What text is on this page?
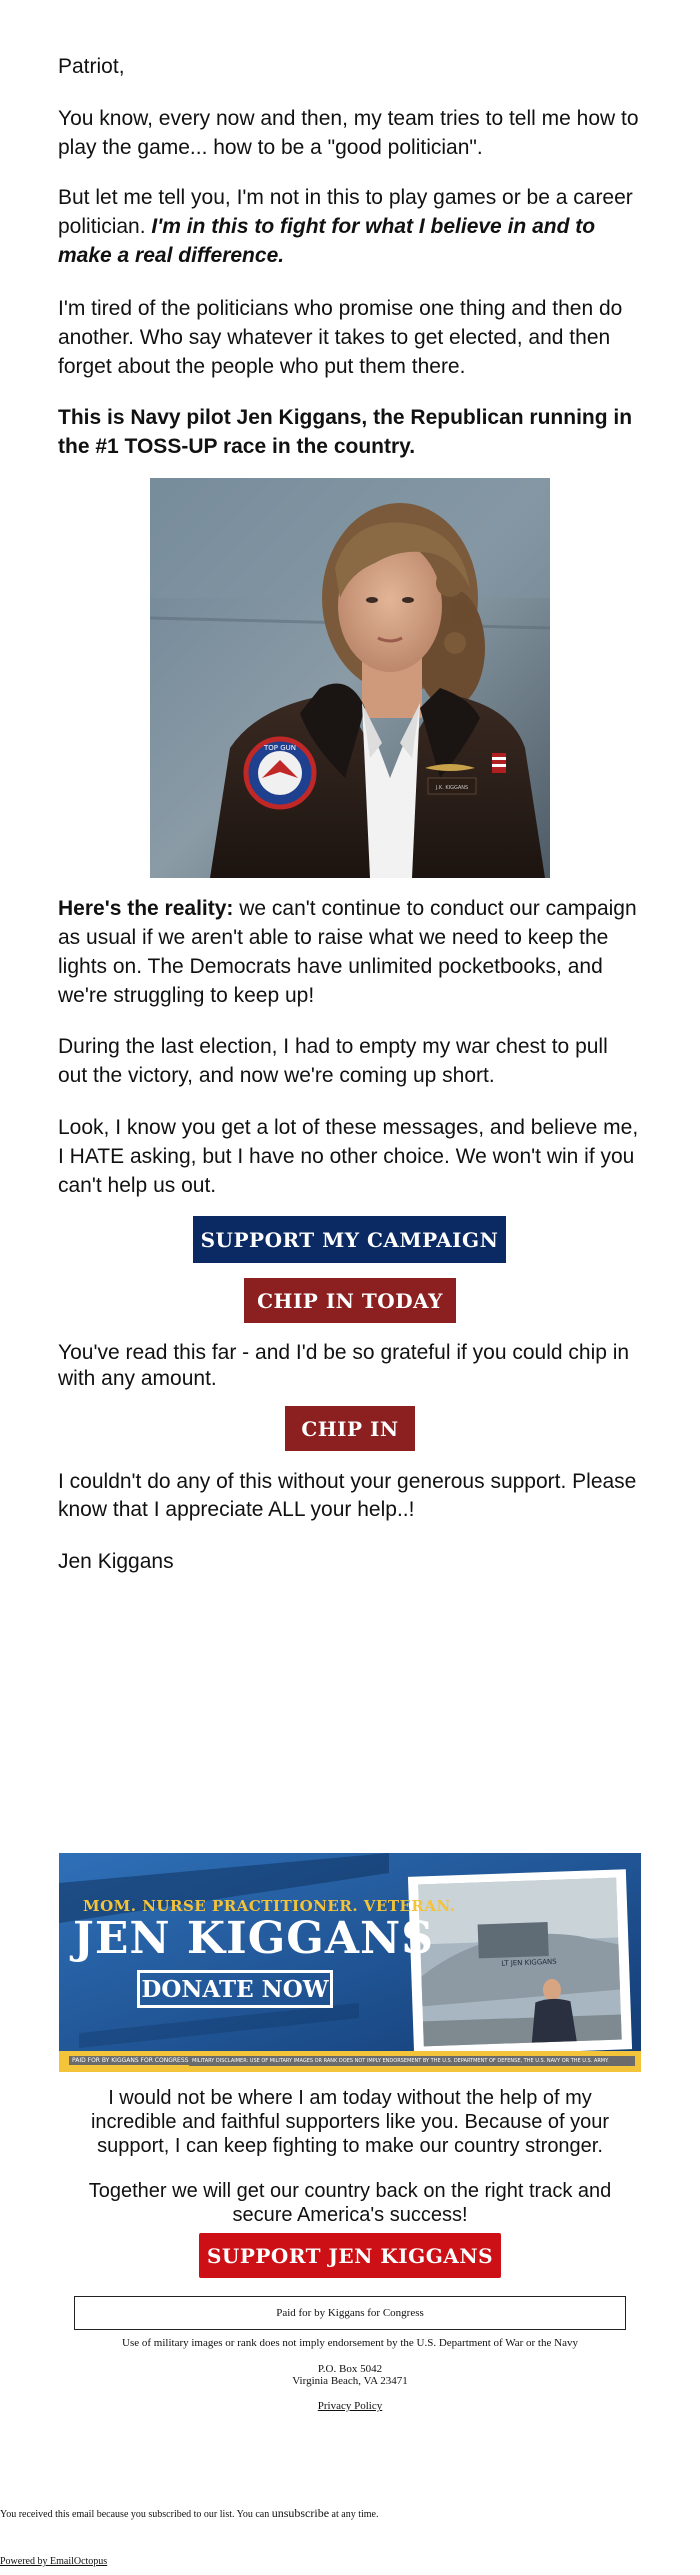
Patriot,

You know, every now and then, my team tries to tell me how to play the game... how to be a "good politician".

But let me tell you, I'm not in this to play games or be a career politician. I'm in this to fight for what I believe in and to make a real difference.

I'm tired of the politicians who promise one thing and then do another. Who say whatever it takes to get elected, and then forget about the people who put them there.

This is Navy pilot Jen Kiggans, the Republican running in the #1 TOSS-UP race in the country.

TOP GUN
J.K. KIGGANS

Here's the reality: we can't continue to conduct our campaign as usual if we aren't able to raise what we need to keep the lights on. The Democrats have unlimited pocketbooks, and we're struggling to keep up!

During the last election, I had to empty my war chest to pull out the victory, and now we're coming up short.

Look, I know you get a lot of these messages, and believe me, I HATE asking, but I have no other choice. We won't win if you can't help us out.

SUPPORT MY CAMPAIGN
CHIP IN TODAY

You've read this far - and I'd be so grateful if you could chip in with any amount.

CHIP IN

I couldn't do any of this without your generous support. Please know that I appreciate ALL your help..!

Jen Kiggans

LT JEN KIGGANS
MOM. NURSE PRACTITIONER. VETERAN.
JEN KIGGANS
DONATE NOW
PAID FOR BY KIGGANS FOR CONGRESS MILITARY DISCLAIMER: USE OF MILITARY IMAGES OR RANK DOES NOT IMPLY ENDORSEMENT BY THE U.S. DEPARTMENT OF DEFENSE, THE U.S. NAVY OR THE U.S. ARMY.
I would not be where I am today without the help of my incredible and faithful supporters like you. Because of your support, I can keep fighting to make our country stronger.
Together we will get our country back on the right track and secure America's success!
SUPPORT JEN KIGGANS
Paid for by Kiggans for Congress
Use of military images or rank does not imply endorsement by the U.S. Department of War or the Navy
P.O. Box 5042
Virginia Beach, VA 23471
Privacy Policy
You received this email because you subscribed to our list. You can unsubscribe at any time.
Powered by EmailOctopus
